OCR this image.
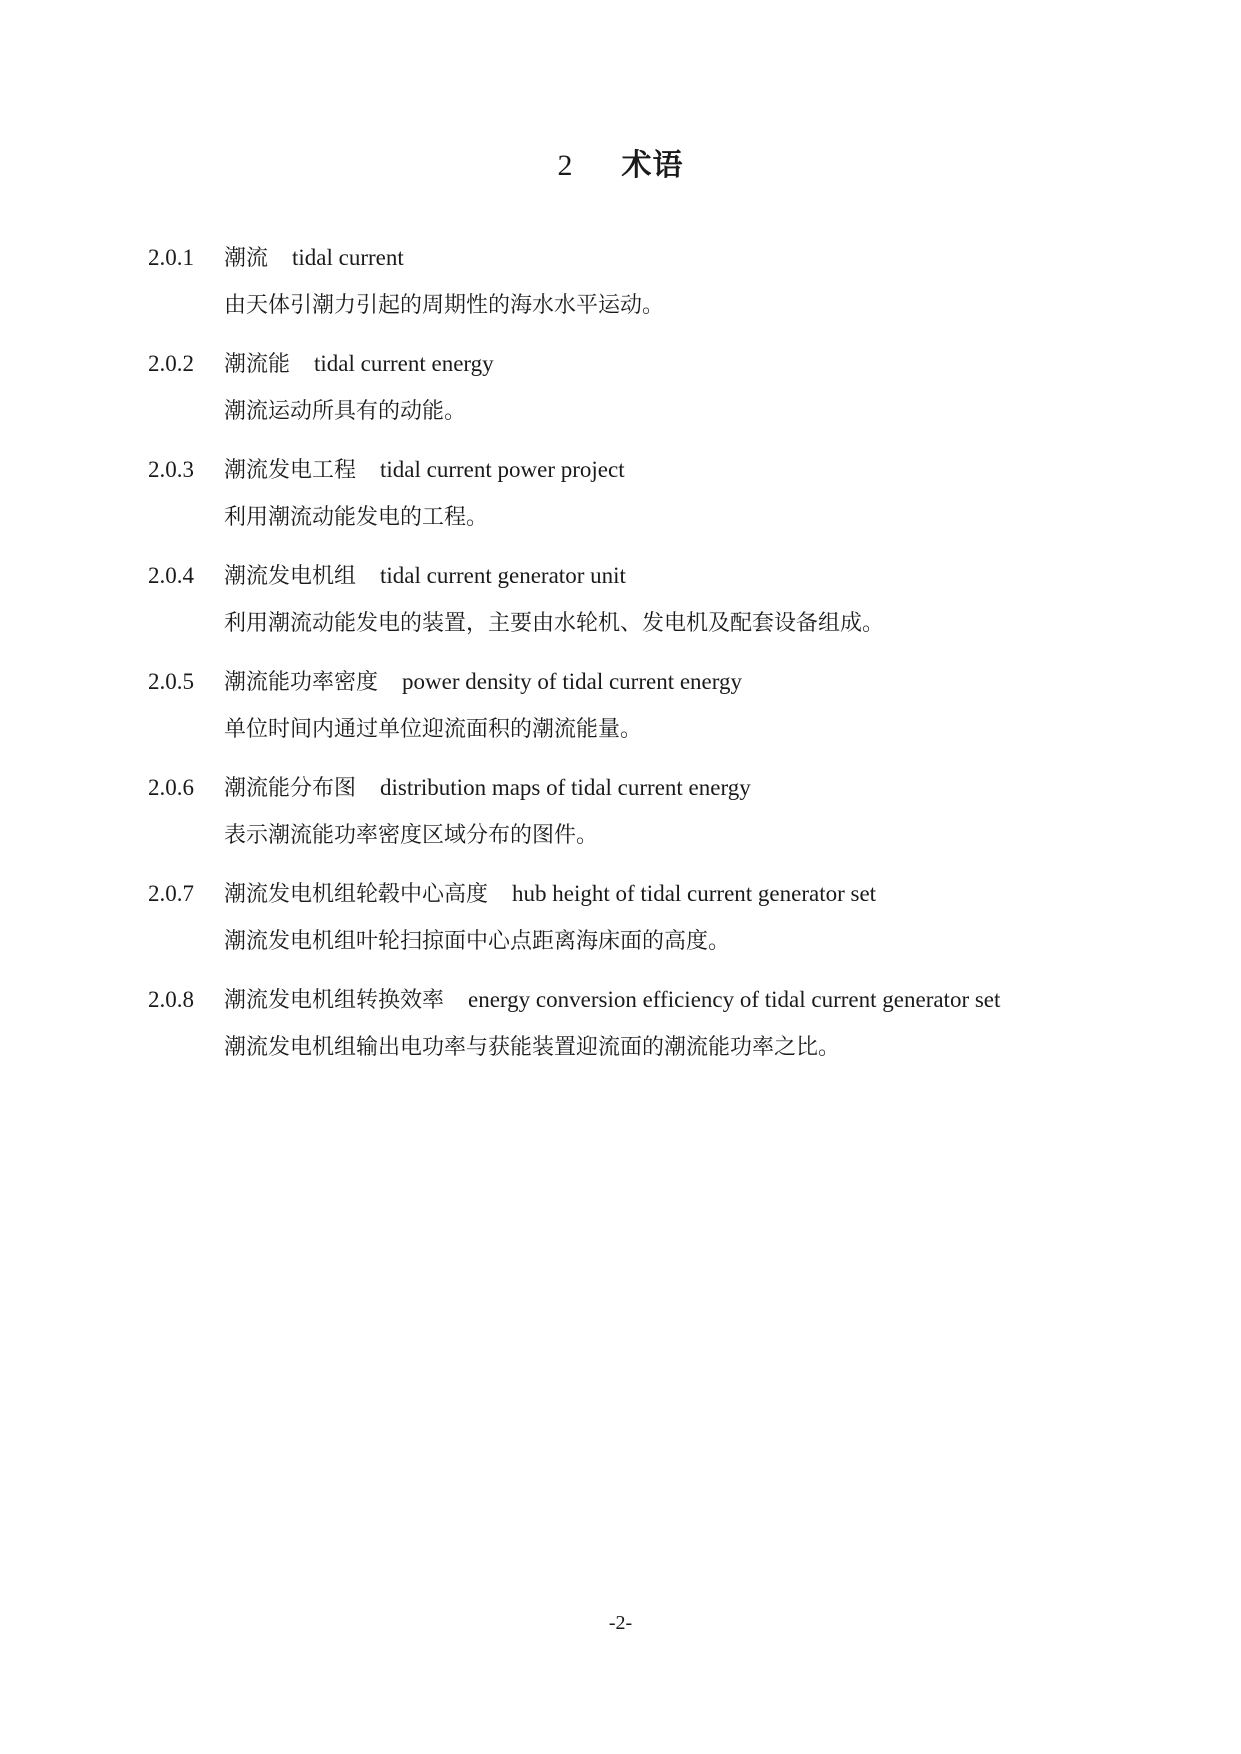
2 术语
2.0.1 潮流 tidal current
由天体引潮力引起的周期性的海水水平运动。
2.0.2 潮流能 tidal current energy
潮流运动所具有的动能。
2.0.3 潮流发电工程 tidal current power project
利用潮流动能发电的工程。
2.0.4 潮流发电机组 tidal current generator unit
利用潮流动能发电的装置，主要由水轮机、发电机及配套设备组成。
2.0.5 潮流能功率密度 power density of tidal current energy
单位时间内通过单位迎流面积的潮流能量。
2.0.6 潮流能分布图 distribution maps of tidal current energy
表示潮流能功率密度区域分布的图件。
2.0.7 潮流发电机组轮毂中心高度 hub height of tidal current generator set
潮流发电机组叶轮扫掠面中心点距离海床面的高度。
2.0.8 潮流发电机组转换效率 energy conversion efficiency of tidal current generator set
潮流发电机组输出电功率与获能装置迎流面的潮流能功率之比。
-2-
